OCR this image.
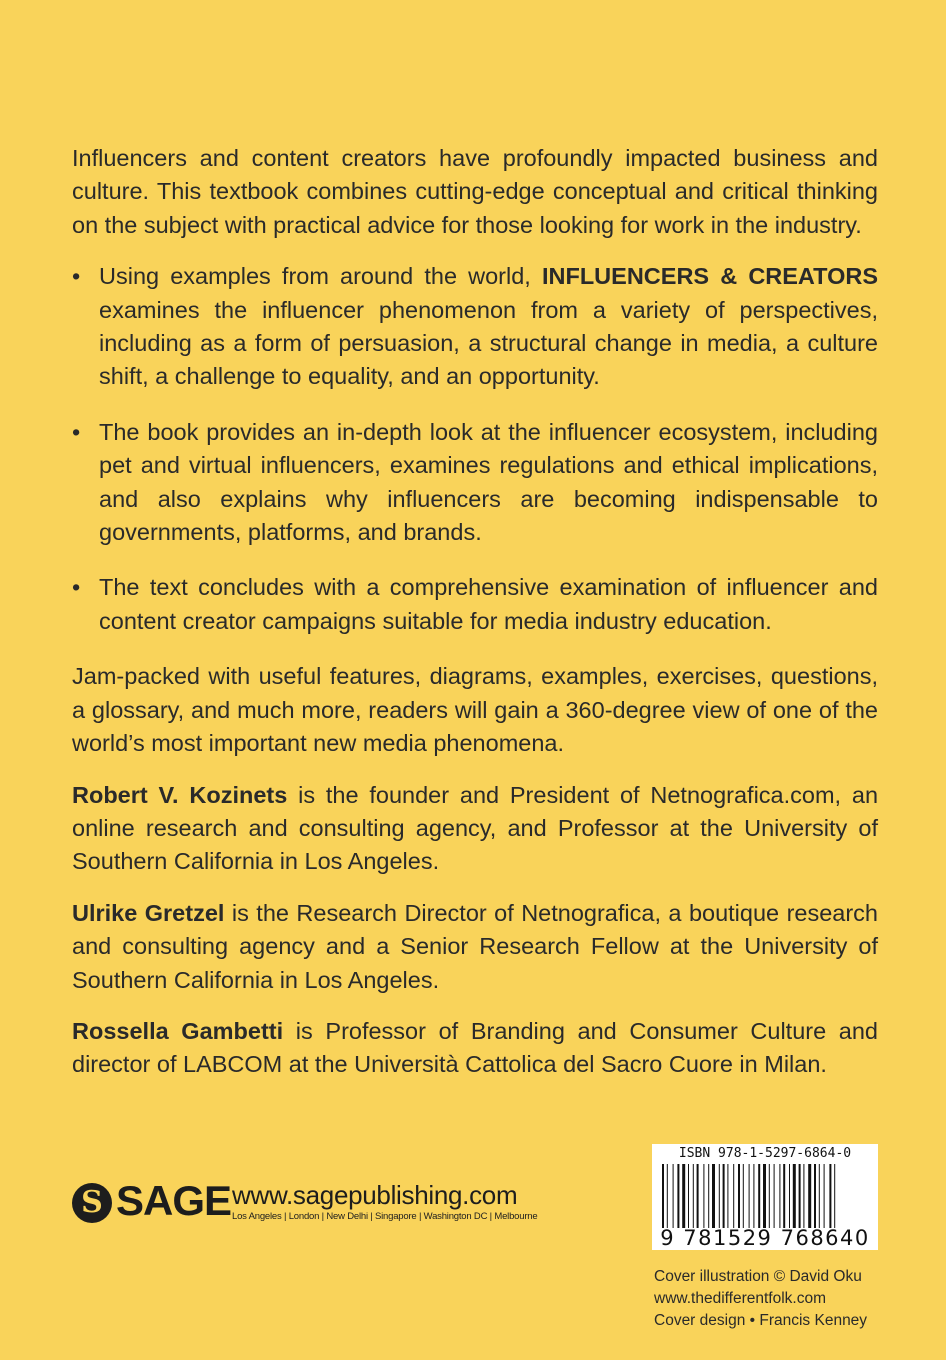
Influencers and content creators have profoundly impacted business and culture. This textbook combines cutting-edge conceptual and critical thinking on the subject with practical advice for those looking for work in the industry.

• Using examples from around the world, INFLUENCERS & CREATORS examines the influencer phenomenon from a variety of perspectives, including as a form of persuasion, a structural change in media, a culture shift, a challenge to equality, and an opportunity.
• The book provides an in-depth look at the influencer ecosystem, including pet and virtual influencers, examines regulations and ethical implications, and also explains why influencers are becoming indispensable to governments, platforms, and brands.
• The text concludes with a comprehensive examination of influencer and content creator campaigns suitable for media industry education.

Jam-packed with useful features, diagrams, examples, exercises, questions, a glossary, and much more, readers will gain a 360-degree view of one of the world’s most important new media phenomena.

Robert V. Kozinets is the founder and President of Netnografica.com, an online research and consulting agency, and Professor at the University of Southern California in Los Angeles.

Ulrike Gretzel is the Research Director of Netnografica, a boutique research and consulting agency and a Senior Research Fellow at the University of Southern California in Los Angeles.

Rossella Gambetti is Professor of Branding and Consumer Culture and director of LABCOM at the Università Cattolica del Sacro Cuore in Milan.

S SAGE www.sagepublishing.com
Los Angeles | London | New Delhi | Singapore | Washington DC | Melbourne
ISBN 978-1-5297-6864-0
9 781529 768640
Cover illustration © David Oku
www.thedifferentfolk.com
Cover design • Francis Kenney
